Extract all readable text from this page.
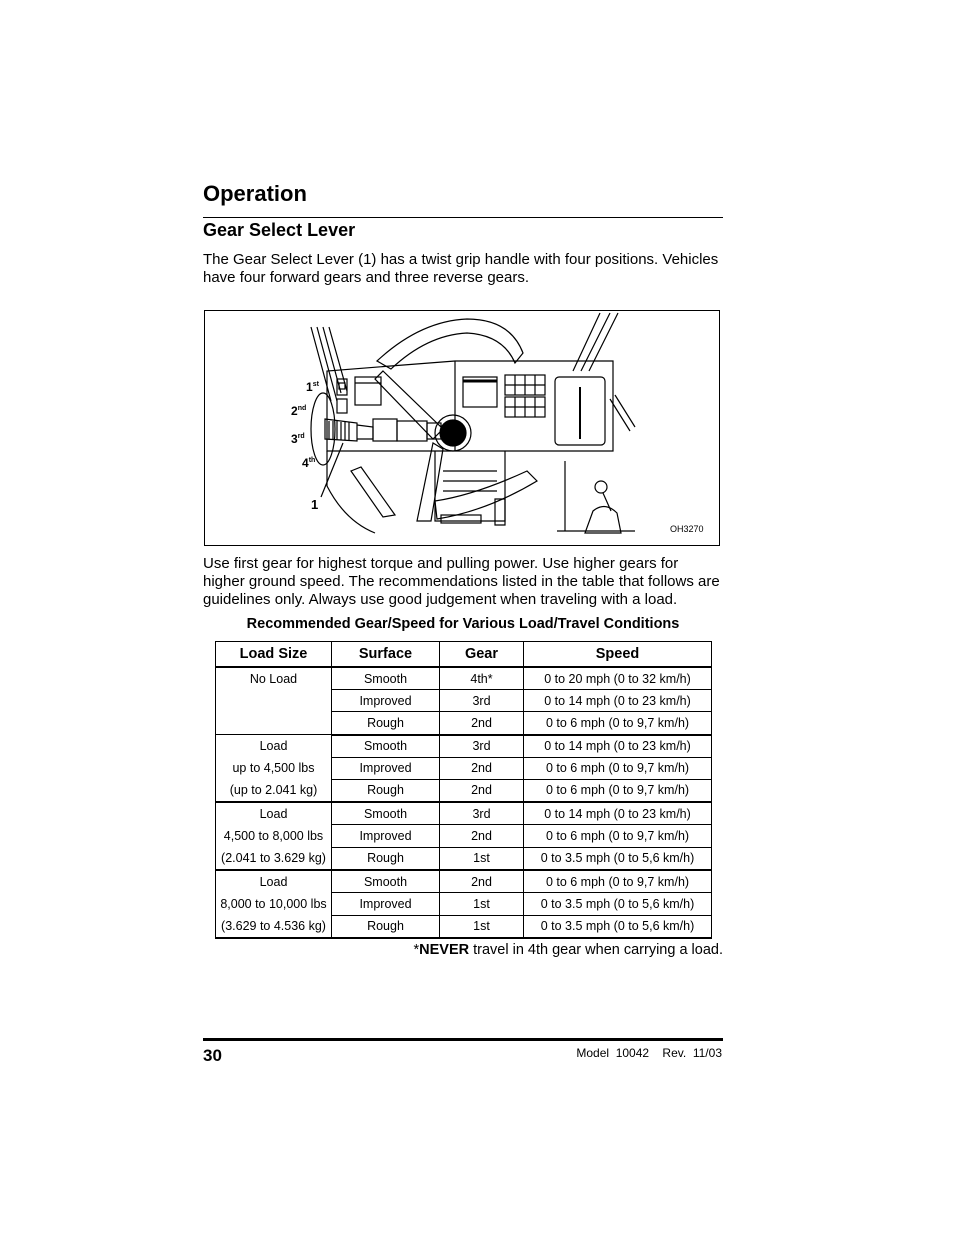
Operation
Gear Select Lever
The Gear Select Lever (1) has a twist grip handle with four positions. Vehicles have four forward gears and three reverse gears.
1st
2nd
3rd
4th
1
OH3270
Use first gear for highest torque and pulling power. Use higher gears for higher ground speed. The recommendations listed in the table that follows are guidelines only. Always use good judgement when traveling with a load.
Recommended Gear/Speed for Various Load/Travel Conditions
Load Size	Surface	Gear	Speed

No Load	Smooth	4th*	0 to 20 mph (0 to 32 km/h)
	Improved	3rd	0 to 14 mph (0 to 23 km/h)
	Rough	2nd	0 to 6 mph (0 to 9,7 km/h)

Load
up to 4,500 lbs
(up to 2.041 kg)	Smooth	3rd	0 to 14 mph (0 to 23 km/h)
	Improved	2nd	0 to 6 mph (0 to 9,7 km/h)
	Rough	2nd	0 to 6 mph (0 to 9,7 km/h)

Load
4,500 to 8,000 lbs
(2.041 to 3.629 kg)	Smooth	3rd	0 to 14 mph (0 to 23 km/h)
	Improved	2nd	0 to 6 mph (0 to 9,7 km/h)
	Rough	1st	0 to 3.5 mph (0 to 5,6 km/h)

Load
8,000 to 10,000 lbs
(3.629 to 4.536 kg)	Smooth	2nd	0 to 6 mph (0 to 9,7 km/h)
	Improved	1st	0 to 3.5 mph (0 to 5,6 km/h)
	Rough	1st	0 to 3.5 mph (0 to 5,6 km/h)
*NEVER travel in 4th gear when carrying a load.
30	Model  10042    Rev.  11/03
